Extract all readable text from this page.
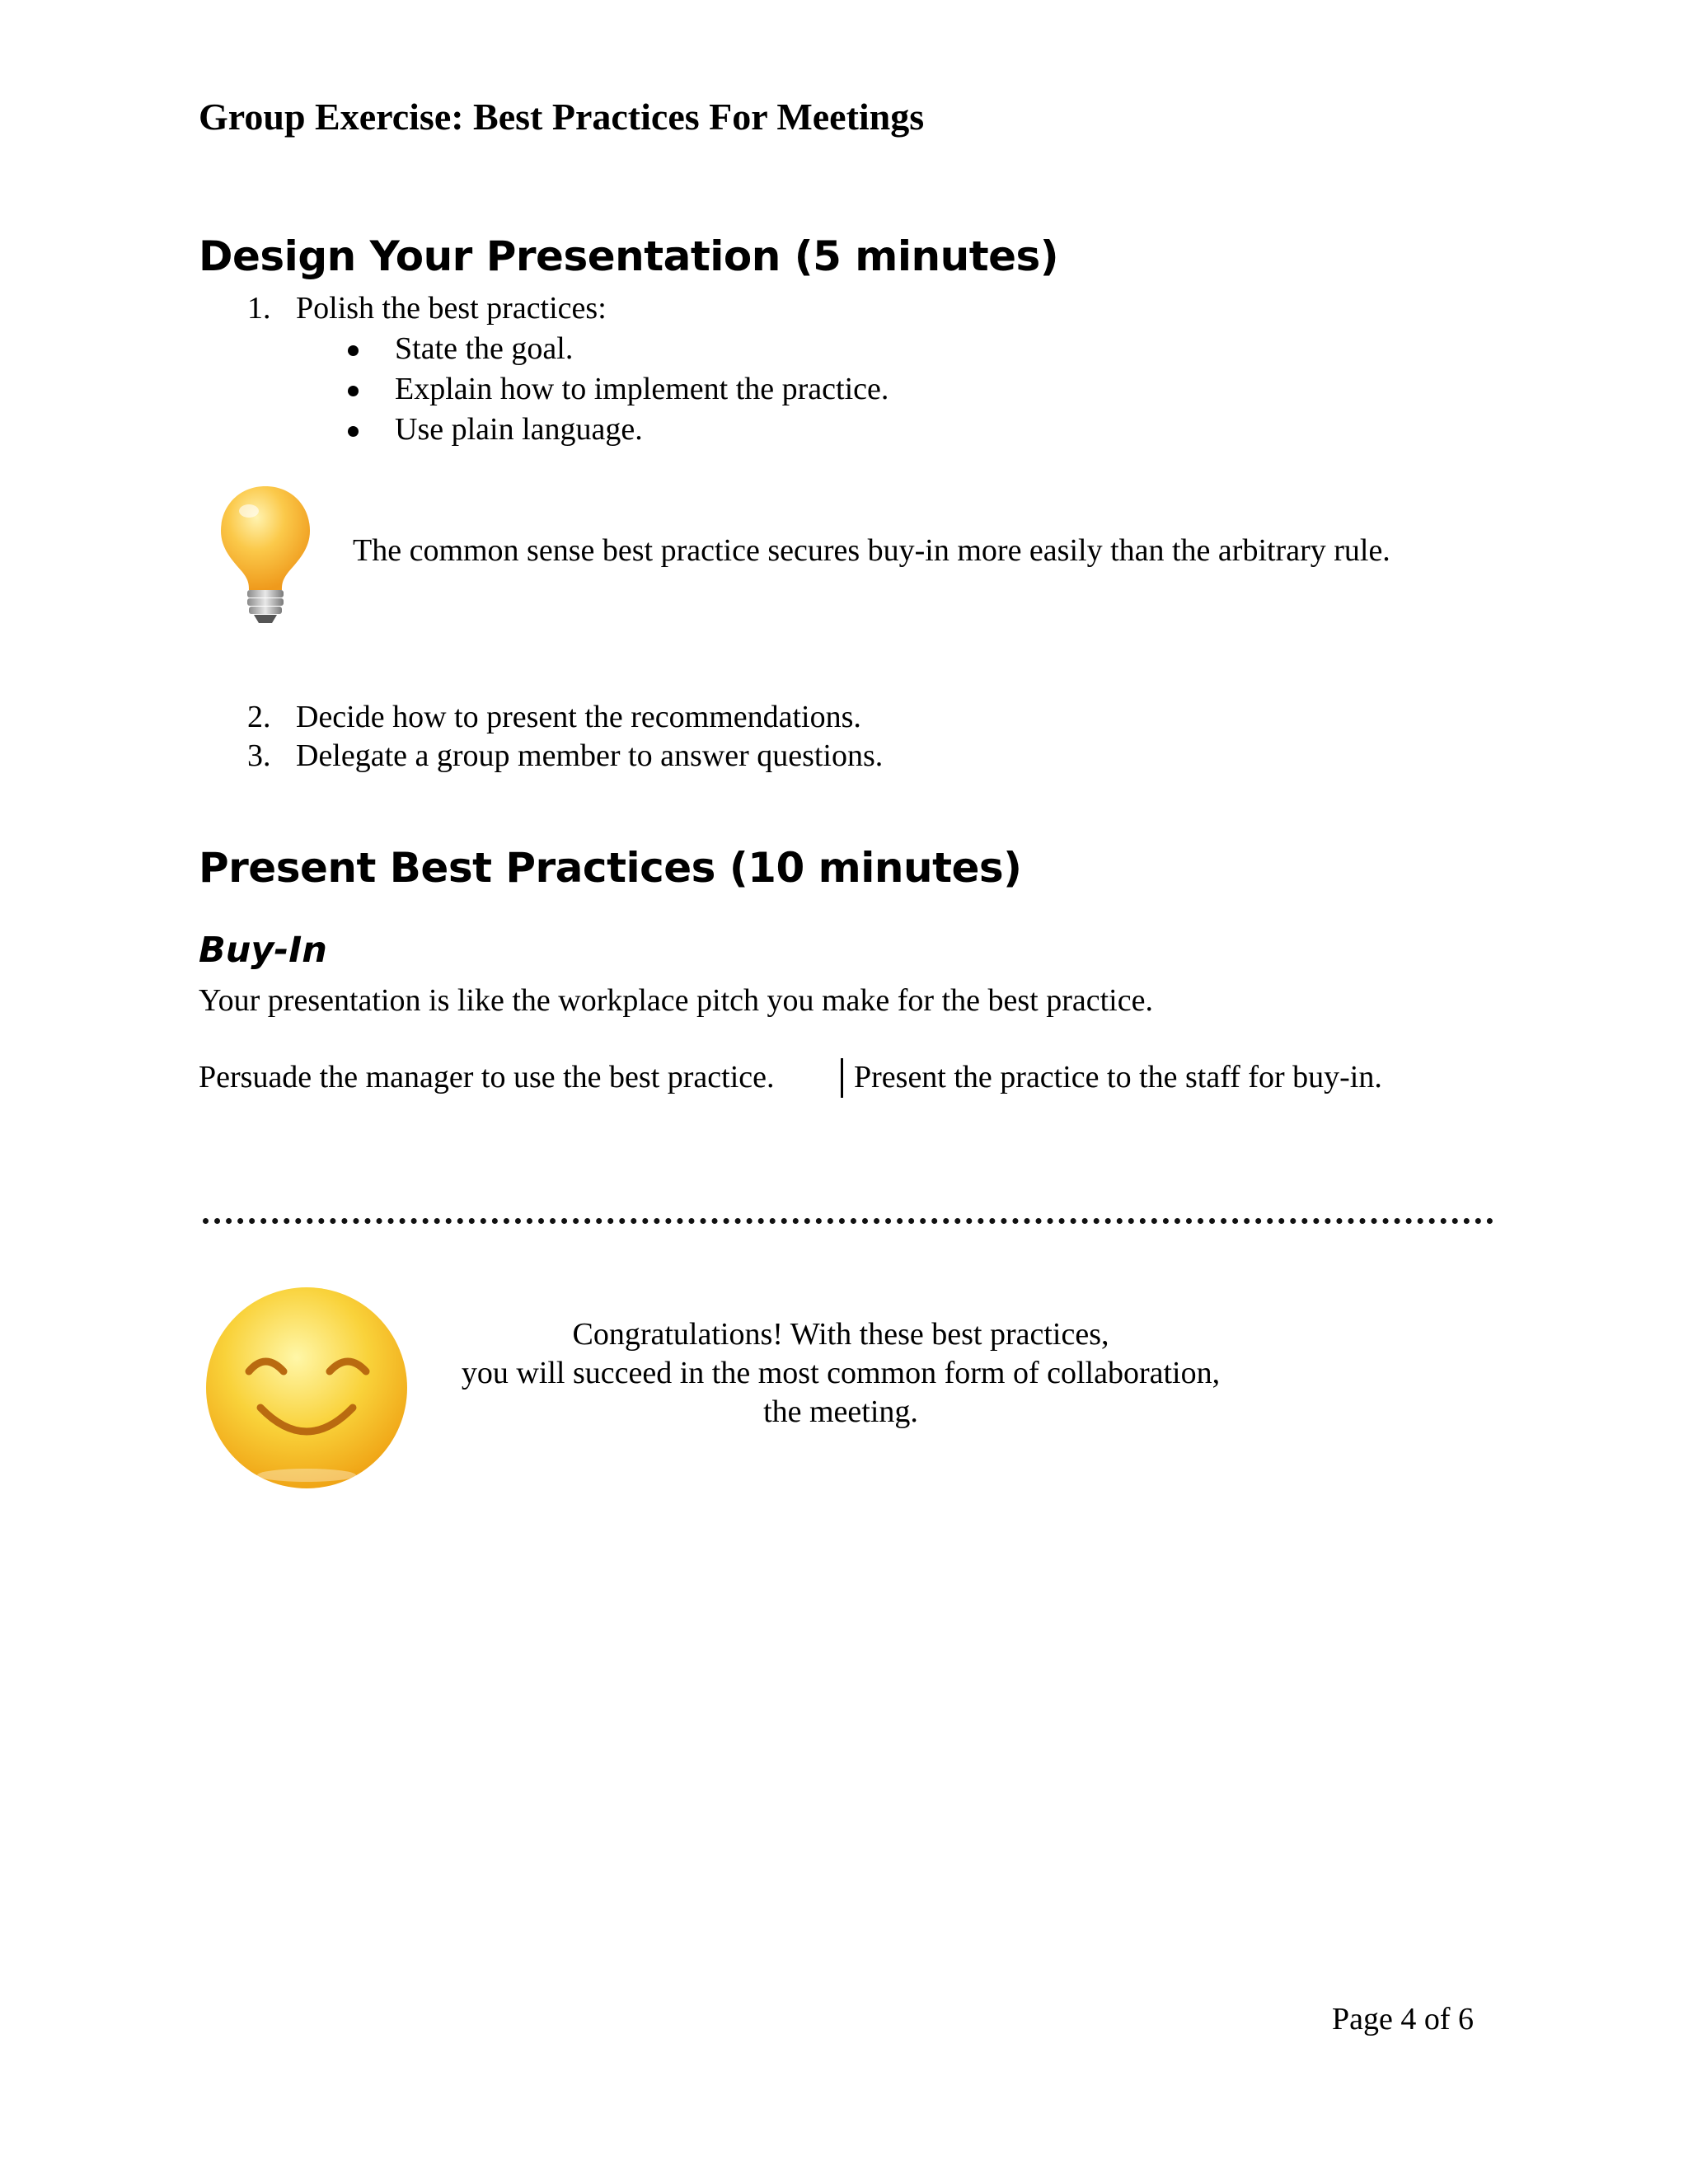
Group Exercise: Best Practices For Meetings
Design Your Presentation (5 minutes)
1. Polish the best practices:
State the goal.
Explain how to implement the practice.
Use plain language.
The common sense best practice secures buy-in more easily than the arbitrary rule.
2. Decide how to present the recommendations.
3. Delegate a group member to answer questions.
Present Best Practices (10 minutes)
Buy-In
Your presentation is like the workplace pitch you make for the best practice.
Persuade the manager to use the best practice.	Present the practice to the staff for buy-in.
Congratulations! With these best practices,
you will succeed in the most common form of collaboration,
the meeting.
Page 4 of 6
